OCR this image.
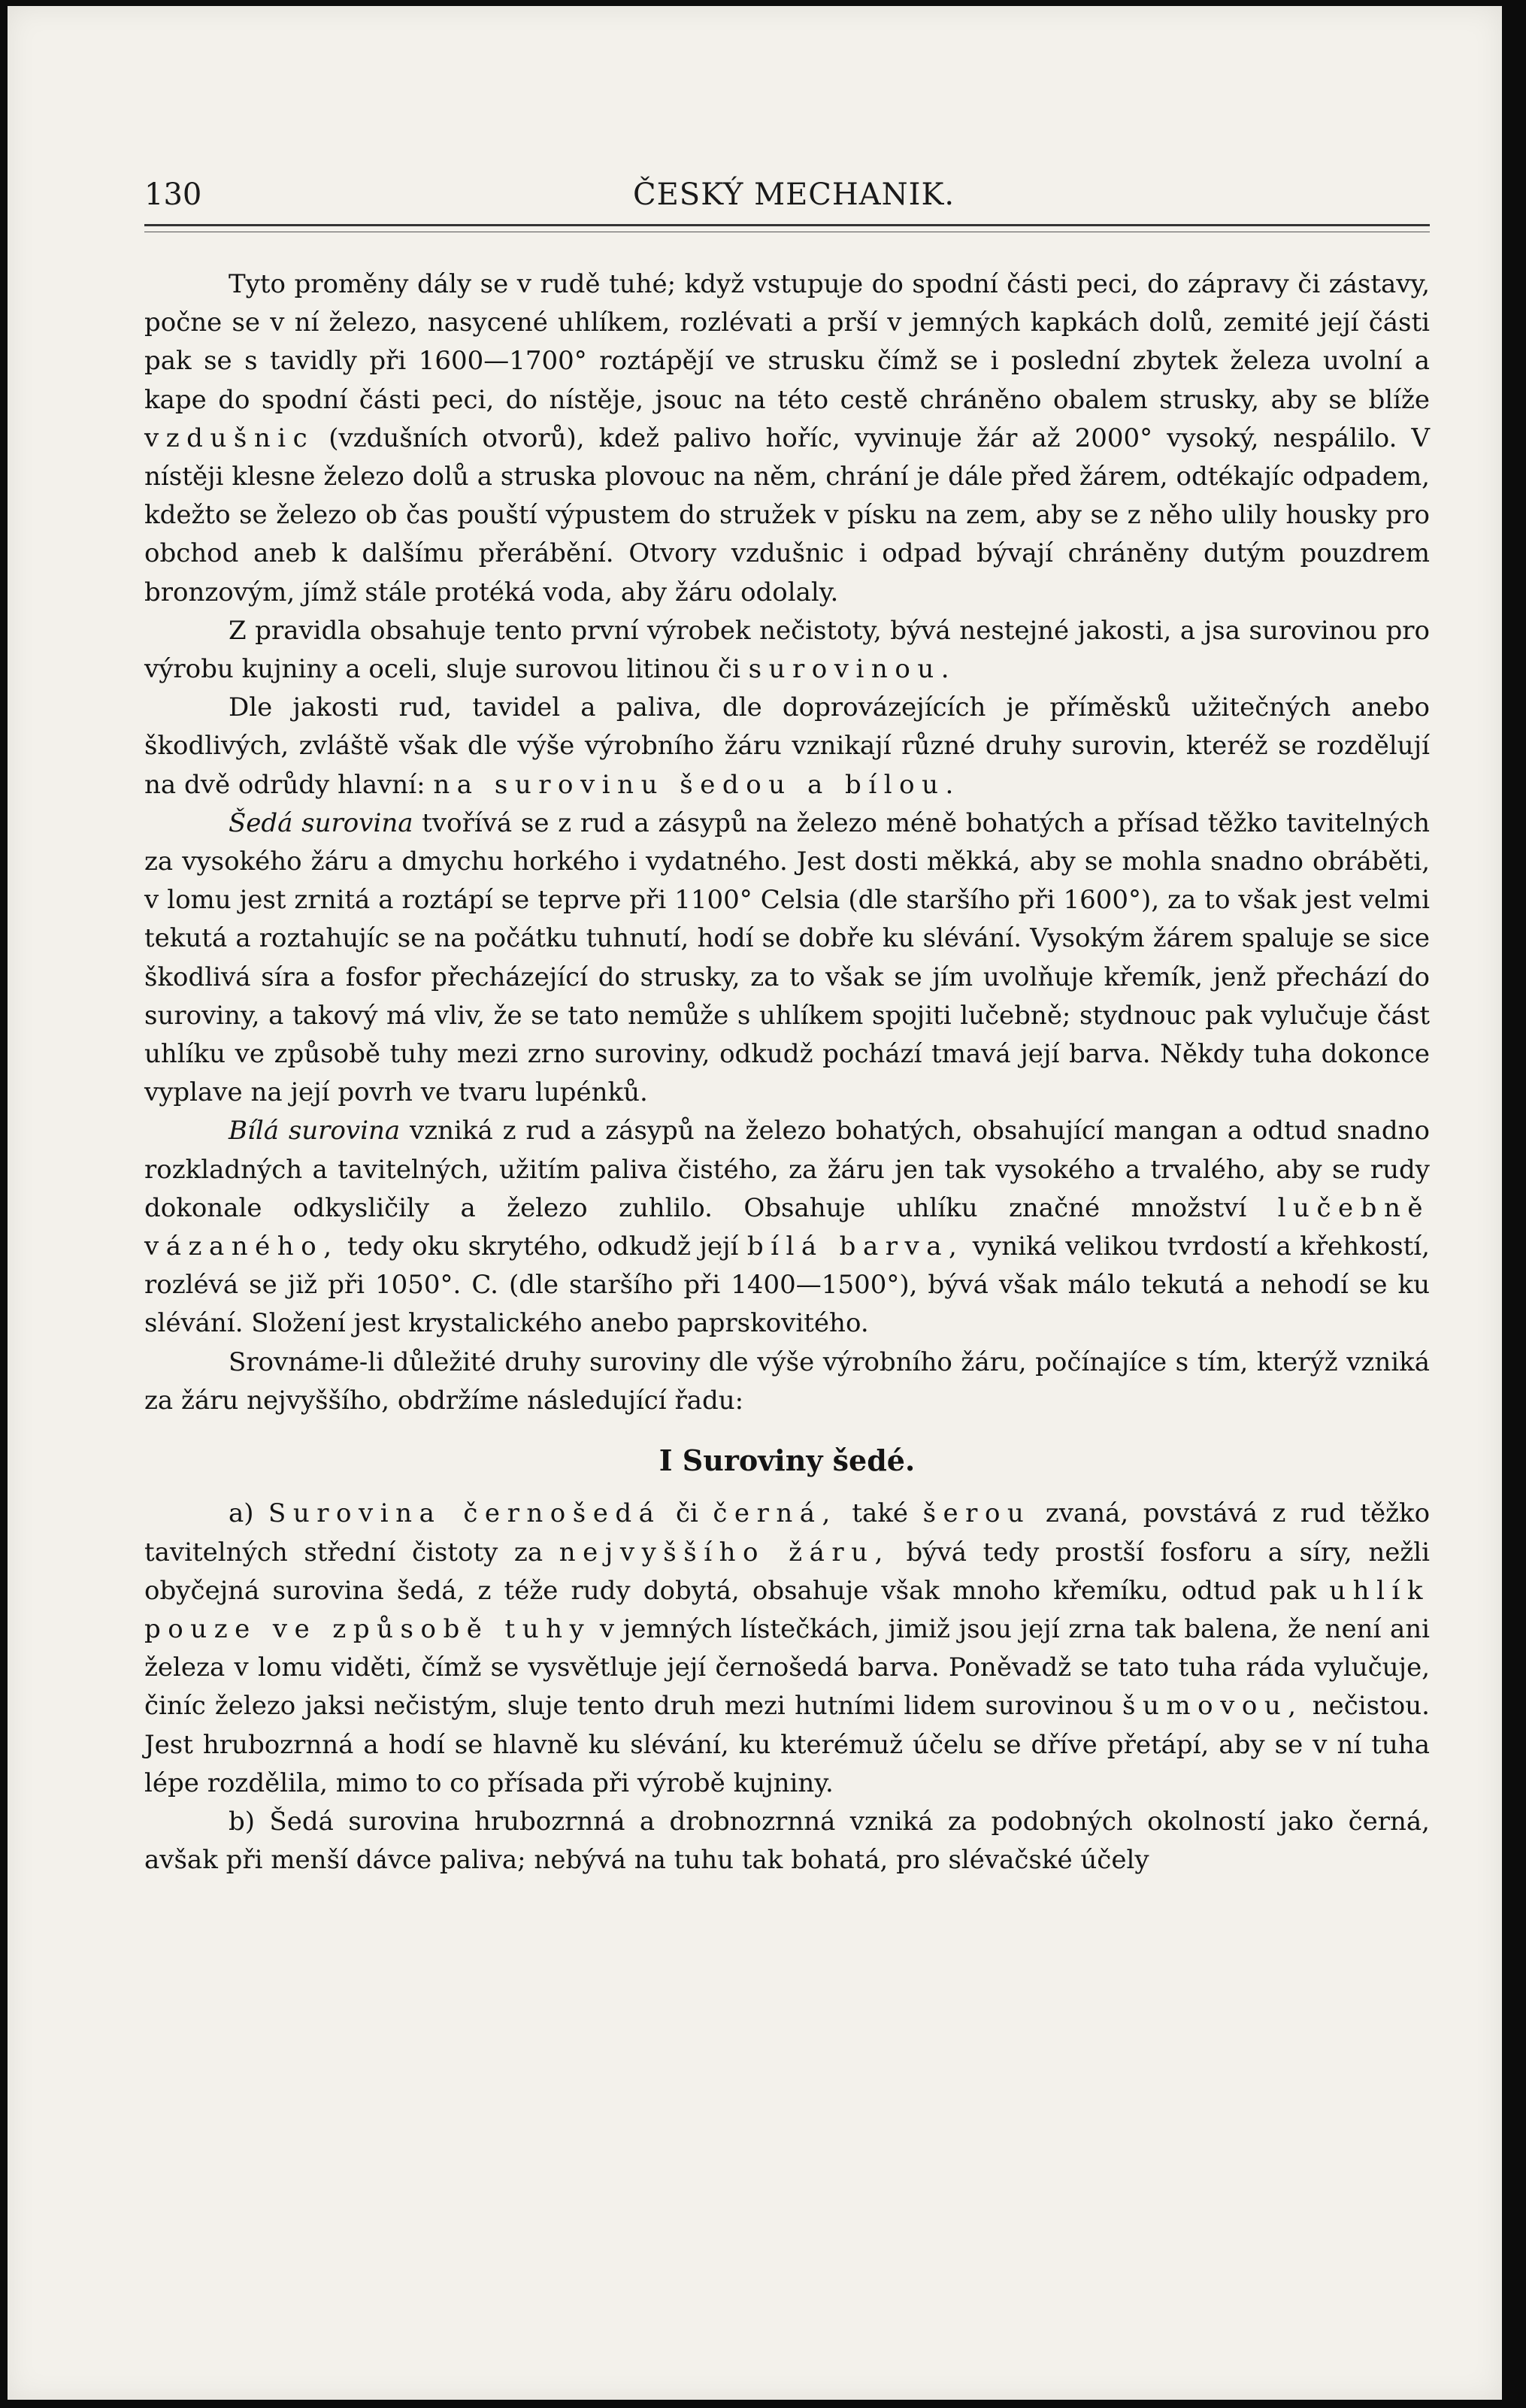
130	ČESKÝ MECHANIK.

Tyto proměny dály se v rudě tuhé; když vstupuje do spodní části peci, do zápravy či zástavy, počne se v ní železo, nasycené uhlíkem, rozlévati a prší v jemných kapkách dolů, zemité její části pak se s tavidly při 1600—1700° roztápějí ve strusku čímž se i poslední zbytek železa uvolní a kape do spodní části peci, do nístěje, jsouc na této cestě chráněno obalem strusky, aby se blíže vzdušnic (vzdušních otvorů), kdež palivo hoříc, vyvinuje žár až 2000° vysoký, nespálilo. V nístěji klesne železo dolů a struska plovouc na něm, chrání je dále před žárem, odtékajíc odpadem, kdežto se železo ob čas pouští výpustem do stružek v písku na zem, aby se z něho ulily housky pro obchod aneb k dalšímu přerábění. Otvory vzdušnic i odpad bývají chráněny dutým pouzdrem bronzovým, jímž stále protéká voda, aby žáru odolaly.

Z pravidla obsahuje tento první výrobek nečistoty, bývá nestejné jakosti, a jsa surovinou pro výrobu kujniny a oceli, sluje surovou litinou či surovinou.

Dle jakosti rud, tavidel a paliva, dle doprovázejících je příměsků užitečných anebo škodlivých, zvláště však dle výše výrobního žáru vznikají různé druhy surovin, kteréž se rozdělují na dvě odrůdy hlavní: na surovinu šedou a bílou.

Šedá surovina tvořívá se z rud a zásypů na železo méně bohatých a přísad těžko tavitelných za vysokého žáru a dmychu horkého i vydatného. Jest dosti měkká, aby se mohla snadno obráběti, v lomu jest zrnitá a roztápí se teprve při 1100° Celsia (dle staršího při 1600°), za to však jest velmi tekutá a roztahujíc se na počátku tuhnutí, hodí se dobře ku slévání. Vysokým žárem spaluje se sice škodlivá síra a fosfor přecházející do strusky, za to však se jím uvolňuje křemík, jenž přechází do suroviny, a takový má vliv, že se tato nemůže s uhlíkem spojiti lučebně; stydnouc pak vylučuje část uhlíku ve způsobě tuhy mezi zrno suroviny, odkudž pochází tmavá její barva. Někdy tuha dokonce vyplave na její povrh ve tvaru lupénků.

Bílá surovina vzniká z rud a zásypů na železo bohatých, obsahující mangan a odtud snadno rozkladných a tavitelných, užitím paliva čistého, za žáru jen tak vysokého a trvalého, aby se rudy dokonale odkysličily a železo zuhlilo. Obsahuje uhlíku značné množství lučebně vázaného, tedy oku skrytého, odkudž její bílá barva, vyniká velikou tvrdostí a křehkostí, rozlévá se již při 1050°. C. (dle staršího při 1400—1500°), bývá však málo tekutá a nehodí se ku slévání. Složení jest krystalického anebo paprskovitého.

Srovnáme-li důležité druhy suroviny dle výše výrobního žáru, počínajíce s tím, kterýž vzniká za žáru nejvyššího, obdržíme následující řadu:

I Suroviny šedé.

a) Surovina černošedá či černá, také šerou zvaná, povstává z rud těžko tavitelných střední čistoty za nejvyššího žáru, bývá tedy prostší fosforu a síry, nežli obyčejná surovina šedá, z téže rudy dobytá, obsahuje však mnoho křemíku, odtud pak uhlík pouze ve způsobě tuhy v jemných lístečkách, jimiž jsou její zrna tak balena, že není ani železa v lomu viděti, čímž se vysvětluje její černošedá barva. Poněvadž se tato tuha ráda vylučuje, činíc železo jaksi nečistým, sluje tento druh mezi hutními lidem surovinou šumovou, nečistou. Jest hrubozrnná a hodí se hlavně ku slévání, ku kterémuž účelu se dříve přetápí, aby se v ní tuha lépe rozdělila, mimo to co přísada při výrobě kujniny.

b) Šedá surovina hrubozrnná a drobnozrnná vzniká za podobných okolností jako černá, avšak při menší dávce paliva; nebývá na tuhu tak bohatá, pro slévačské účely
